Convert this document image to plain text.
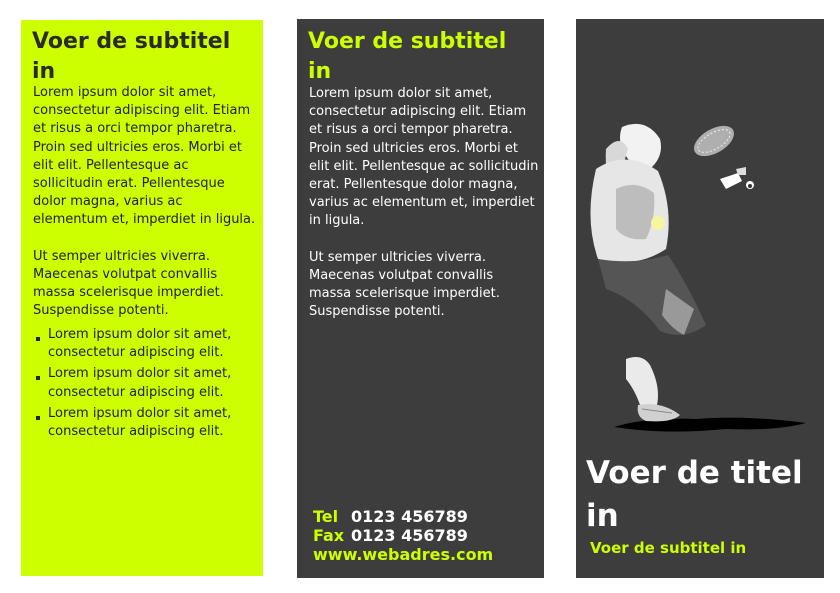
Voer de subtitel in

Lorem ipsum dolor sit amet, consectetur adipiscing elit. Etiam et risus a orci tempor pharetra. Proin sed ultricies eros. Morbi et elit elit. Pellentesque ac sollicitudin erat. Pellentesque dolor magna, varius ac elementum et, imperdiet in ligula.

Ut semper ultricies viverra. Maecenas volutpat convallis massa scelerisque imperdiet. Suspendisse potenti.

Lorem ipsum dolor sit amet, consectetur adipiscing elit.
Lorem ipsum dolor sit amet, consectetur adipiscing elit.
Lorem ipsum dolor sit amet, consectetur adipiscing elit.
Voer de subtitel in

Lorem ipsum dolor sit amet, consectetur adipiscing elit. Etiam et risus a orci tempor pharetra. Proin sed ultricies eros. Morbi et elit elit. Pellentesque ac sollicitudin erat. Pellentesque dolor magna, varius ac elementum et, imperdiet in ligula.

Ut semper ultricies viverra. Maecenas volutpat convallis massa scelerisque imperdiet. Suspendisse potenti.

Tel 0123 456789
Fax 0123 456789
www.webadres.com
Voer de titel in
Voer de subtitel in
